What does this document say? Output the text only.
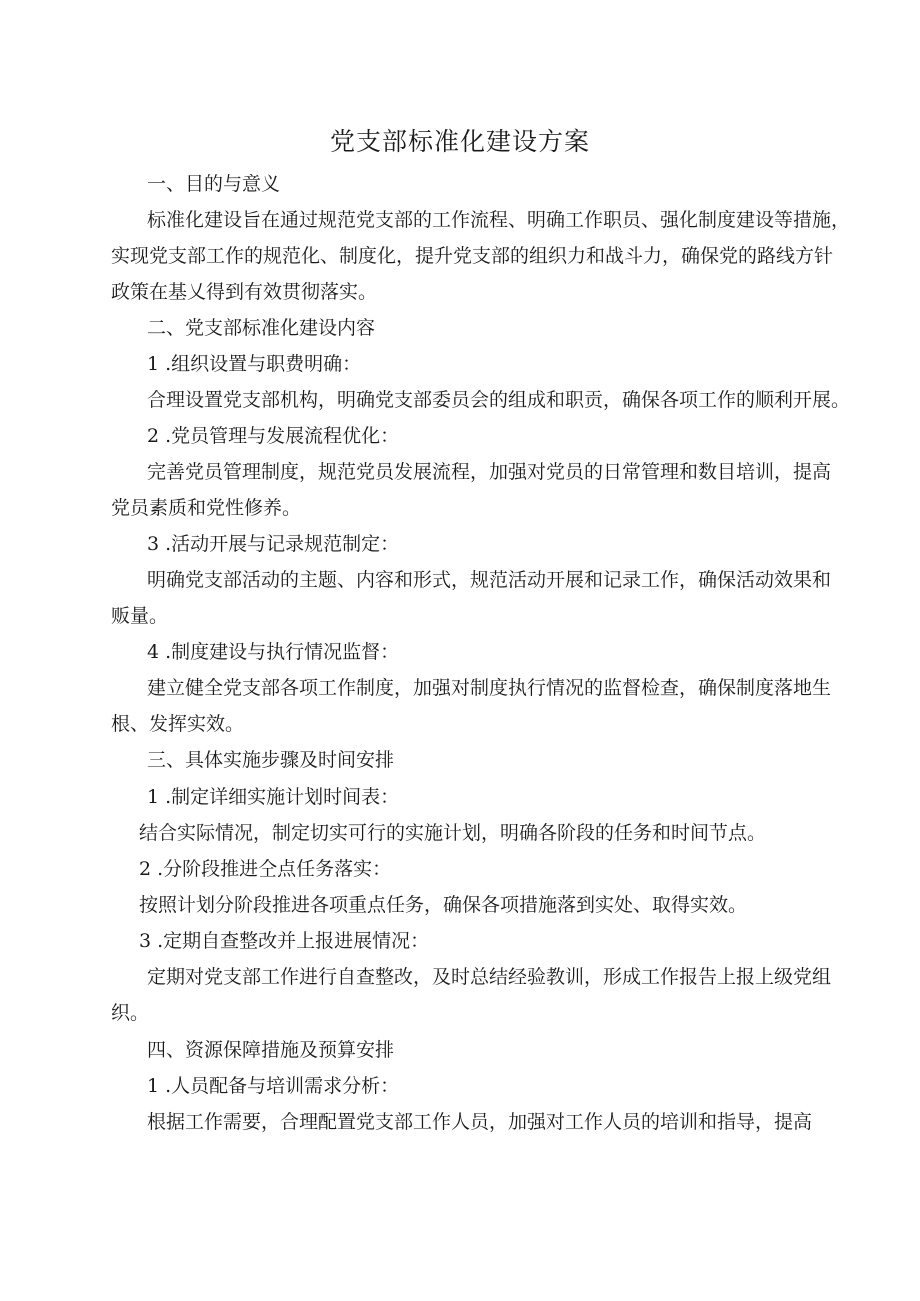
党支部标准化建设方案
一、目的与意义
标准化建设旨在通过规范党支部的工作流程、明确工作职员、强化制度建设等措施，
实现党支部工作的规范化、制度化，提升党支部的组织力和战斗力，确保党的路线方针
政策在基乂得到有效贯彻落实。
二、党支部标准化建设内容
1 .组织设置与职费明确：
合理设置党支部机构，明确党支部委员会的组成和职贡，确保各项工作的顺利开展。
2 .党员管理与发展流程优化：
完善党员管理制度，规范党员发展流程，加强对党员的日常管理和数目培训，提高
党员素质和党性修养。
3 .活动开展与记录规范制定：
明确党支部活动的主题、内容和形式，规范活动开展和记录工作，确保活动效果和
贩量。
4 .制度建设与执行情况监督：
建立健全党支部各项工作制度，加强对制度执行情况的监督检查，确保制度落地生
根、发挥实效。
三、具体实施步骤及时间安排
1 .制定详细实施计划时间表：
结合实际情况，制定切实可行的实施计划，明确各阶段的任务和时间节点。
2 .分阶段推进仝点任务落实：
按照计划分阶段推进各项重点任务，确保各项措施落到实处、取得实效。
3 .定期自查整改并上报进展情况：
定期对党支部工作进行自查整改，及时总结经验教训，形成工作报告上报上级党组
织。
四、资源保障措施及预算安排
1 .人员配备与培训需求分析：
根据工作需要，合理配置党支部工作人员，加强对工作人员的培训和指导，提高
